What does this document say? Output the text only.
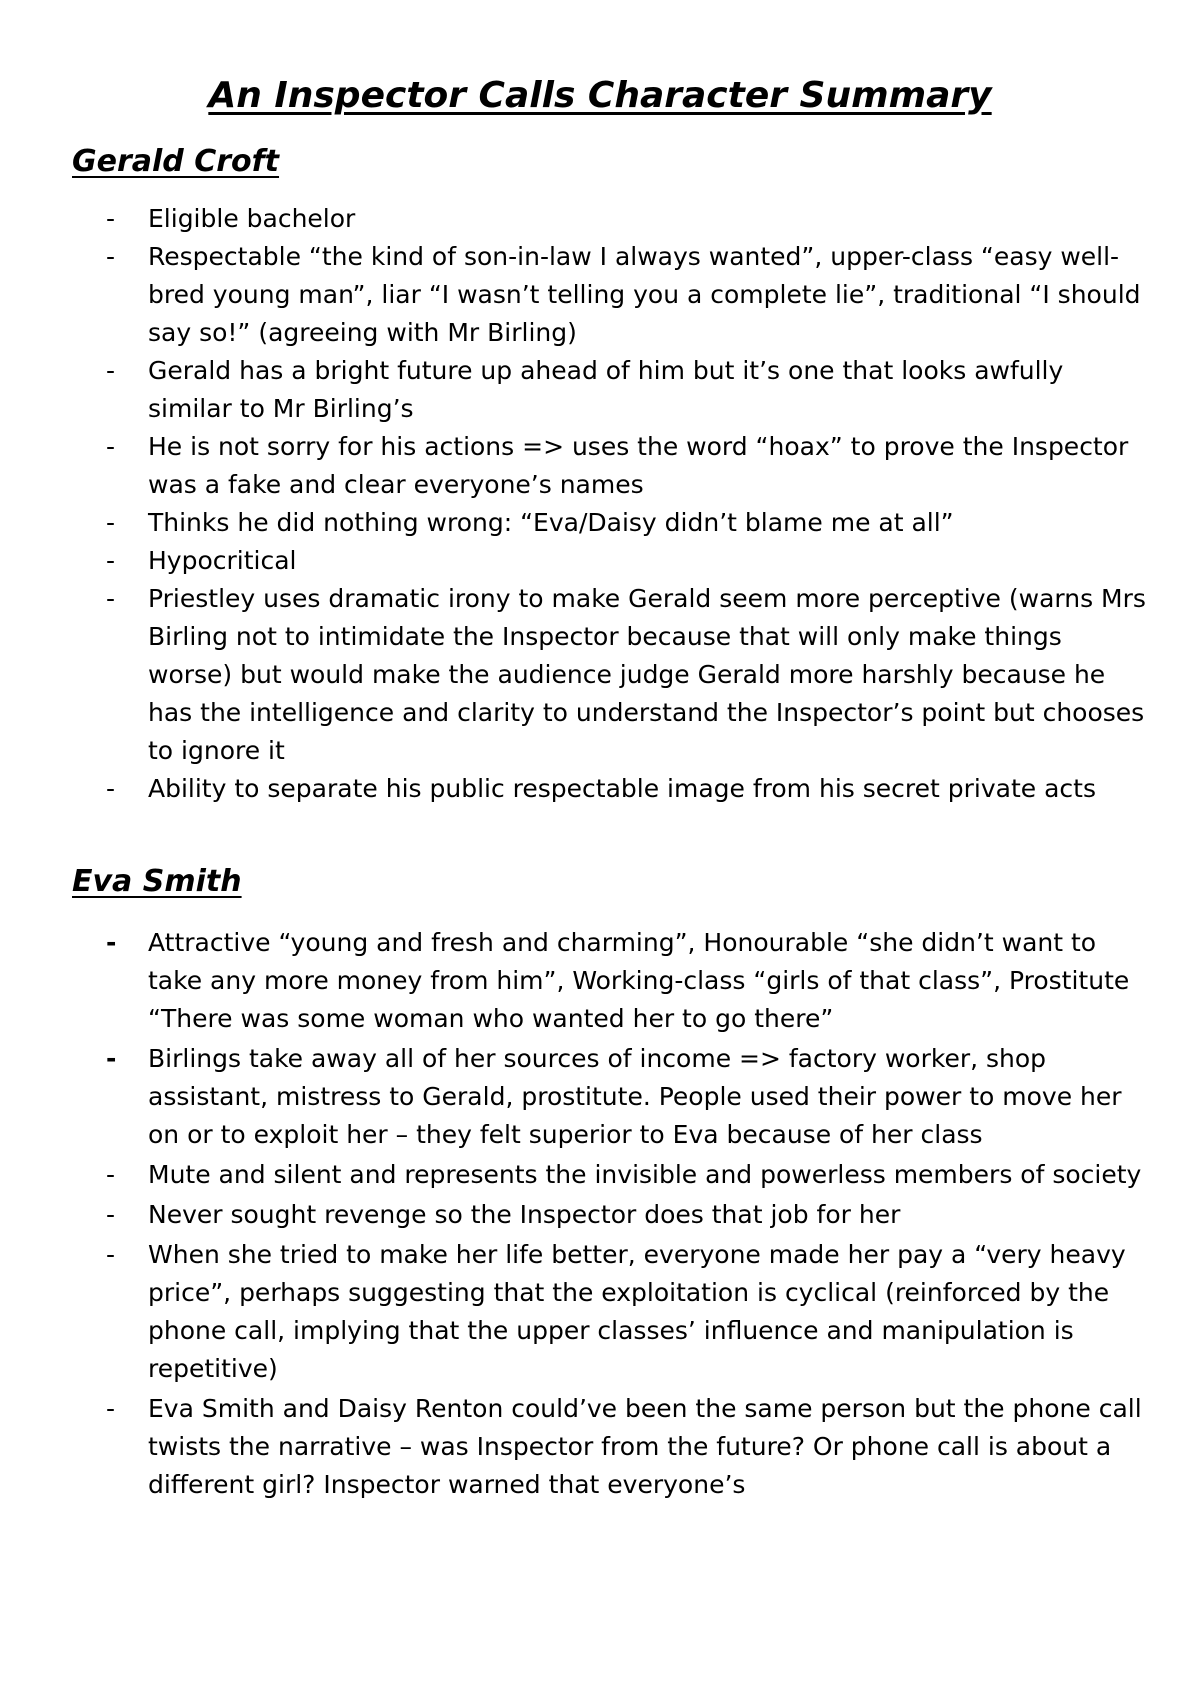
An Inspector Calls Character Summary
Gerald Croft
-	Eligible bachelor
-	Respectable “the kind of son-in-law I always wanted”, upper-class “easy well-bred young man”, liar “I wasn’t telling you a complete lie”, traditional “I should say so!” (agreeing with Mr Birling)
-	Gerald has a bright future up ahead of him but it’s one that looks awfully similar to Mr Birling’s
-	He is not sorry for his actions => uses the word “hoax” to prove the Inspector was a fake and clear everyone’s names
-	Thinks he did nothing wrong: “Eva/Daisy didn’t blame me at all”
-	Hypocritical
-	Priestley uses dramatic irony to make Gerald seem more perceptive (warns Mrs Birling not to intimidate the Inspector because that will only make things worse) but would make the audience judge Gerald more harshly because he has the intelligence and clarity to understand the Inspector’s point but chooses to ignore it
-	Ability to separate his public respectable image from his secret private acts
Eva Smith
-	Attractive “young and fresh and charming”, Honourable “she didn’t want to take any more money from him”, Working-class “girls of that class”, Prostitute “There was some woman who wanted her to go there”
-	Birlings take away all of her sources of income => factory worker, shop assistant, mistress to Gerald, prostitute. People used their power to move her on or to exploit her – they felt superior to Eva because of her class
-	Mute and silent and represents the invisible and powerless members of society
-	Never sought revenge so the Inspector does that job for her
-	When she tried to make her life better, everyone made her pay a “very heavy price”, perhaps suggesting that the exploitation is cyclical (reinforced by the phone call, implying that the upper classes’ influence and manipulation is repetitive)
-	Eva Smith and Daisy Renton could’ve been the same person but the phone call twists the narrative – was Inspector from the future? Or phone call is about a different girl? Inspector warned that everyone’s
